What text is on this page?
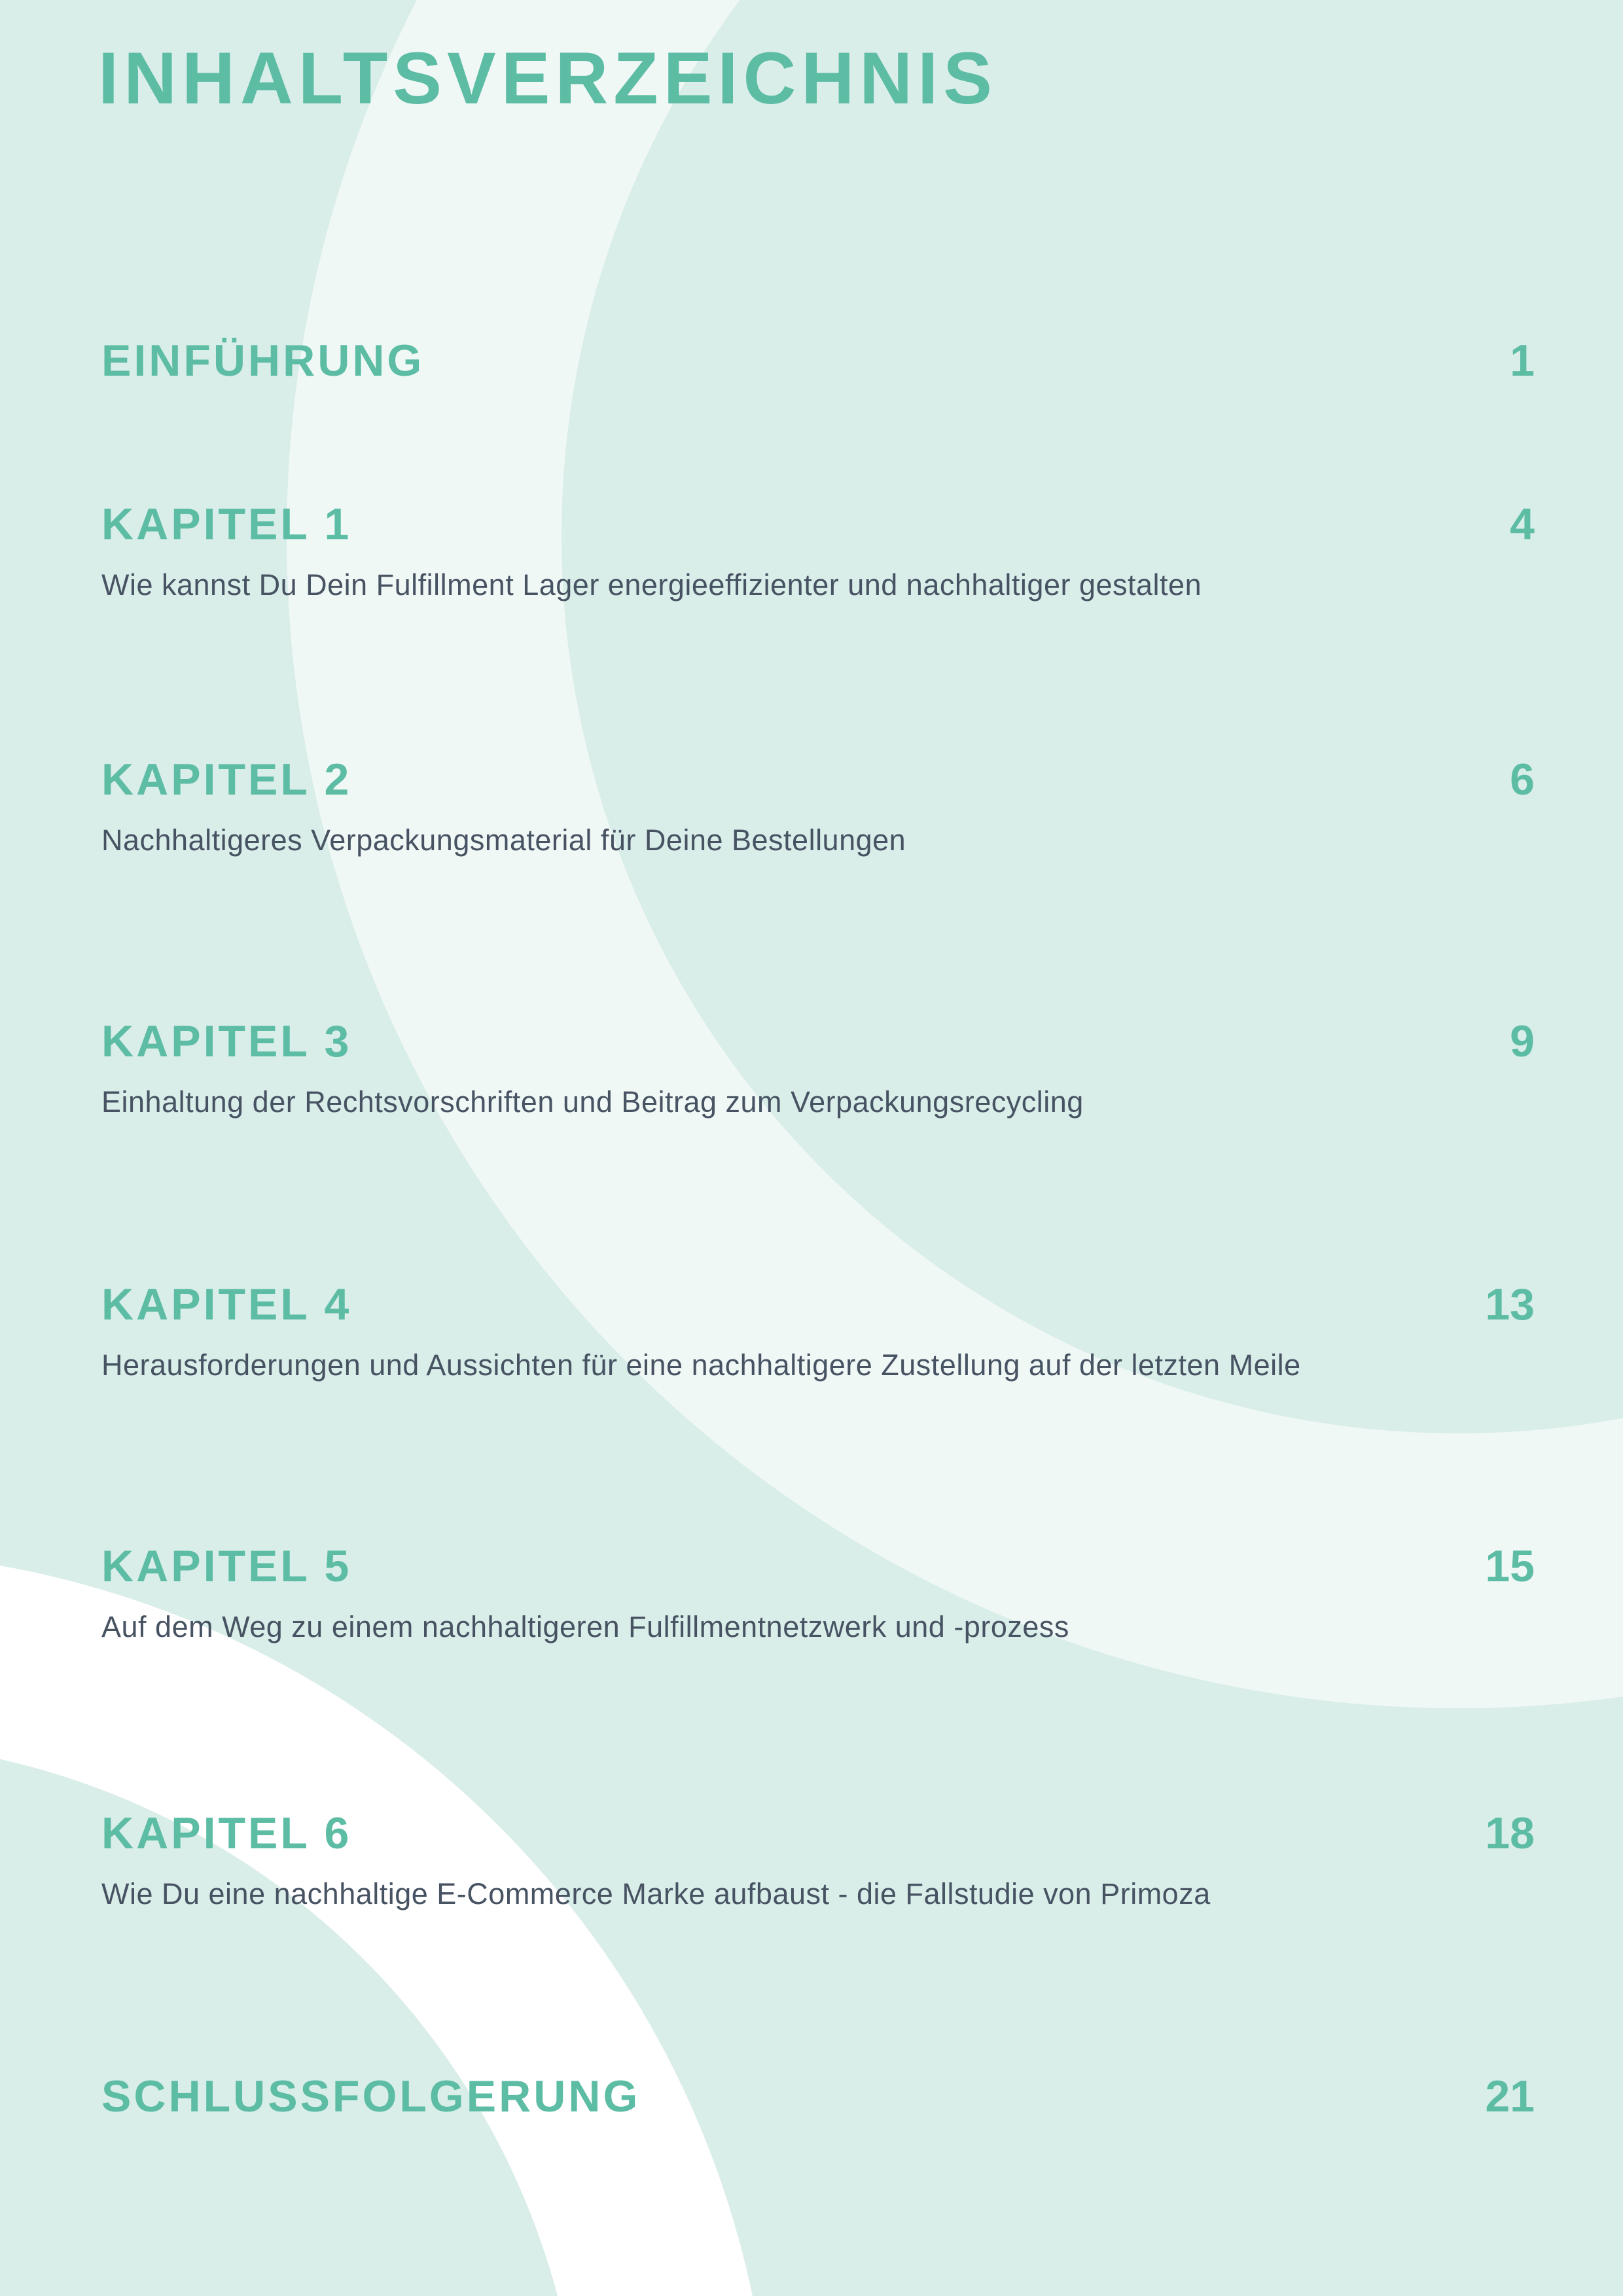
INHALTSVERZEICHNIS
EINFÜHRUNG	1
KAPITEL 1	4
Wie kannst Du Dein Fulfillment Lager energieeffizienter und nachhaltiger gestalten
KAPITEL 2	6
Nachhaltigeres Verpackungsmaterial für Deine Bestellungen
KAPITEL 3	9
Einhaltung der Rechtsvorschriften und Beitrag zum Verpackungsrecycling
KAPITEL 4	13
Herausforderungen und Aussichten für eine nachhaltigere Zustellung auf der letzten Meile
KAPITEL 5	15
Auf dem Weg zu einem nachhaltigeren Fulfillmentnetzwerk und -prozess
KAPITEL 6	18
Wie Du eine nachhaltige E-Commerce Marke aufbaust - die Fallstudie von Primoza
SCHLUSSFOLGERUNG	21
